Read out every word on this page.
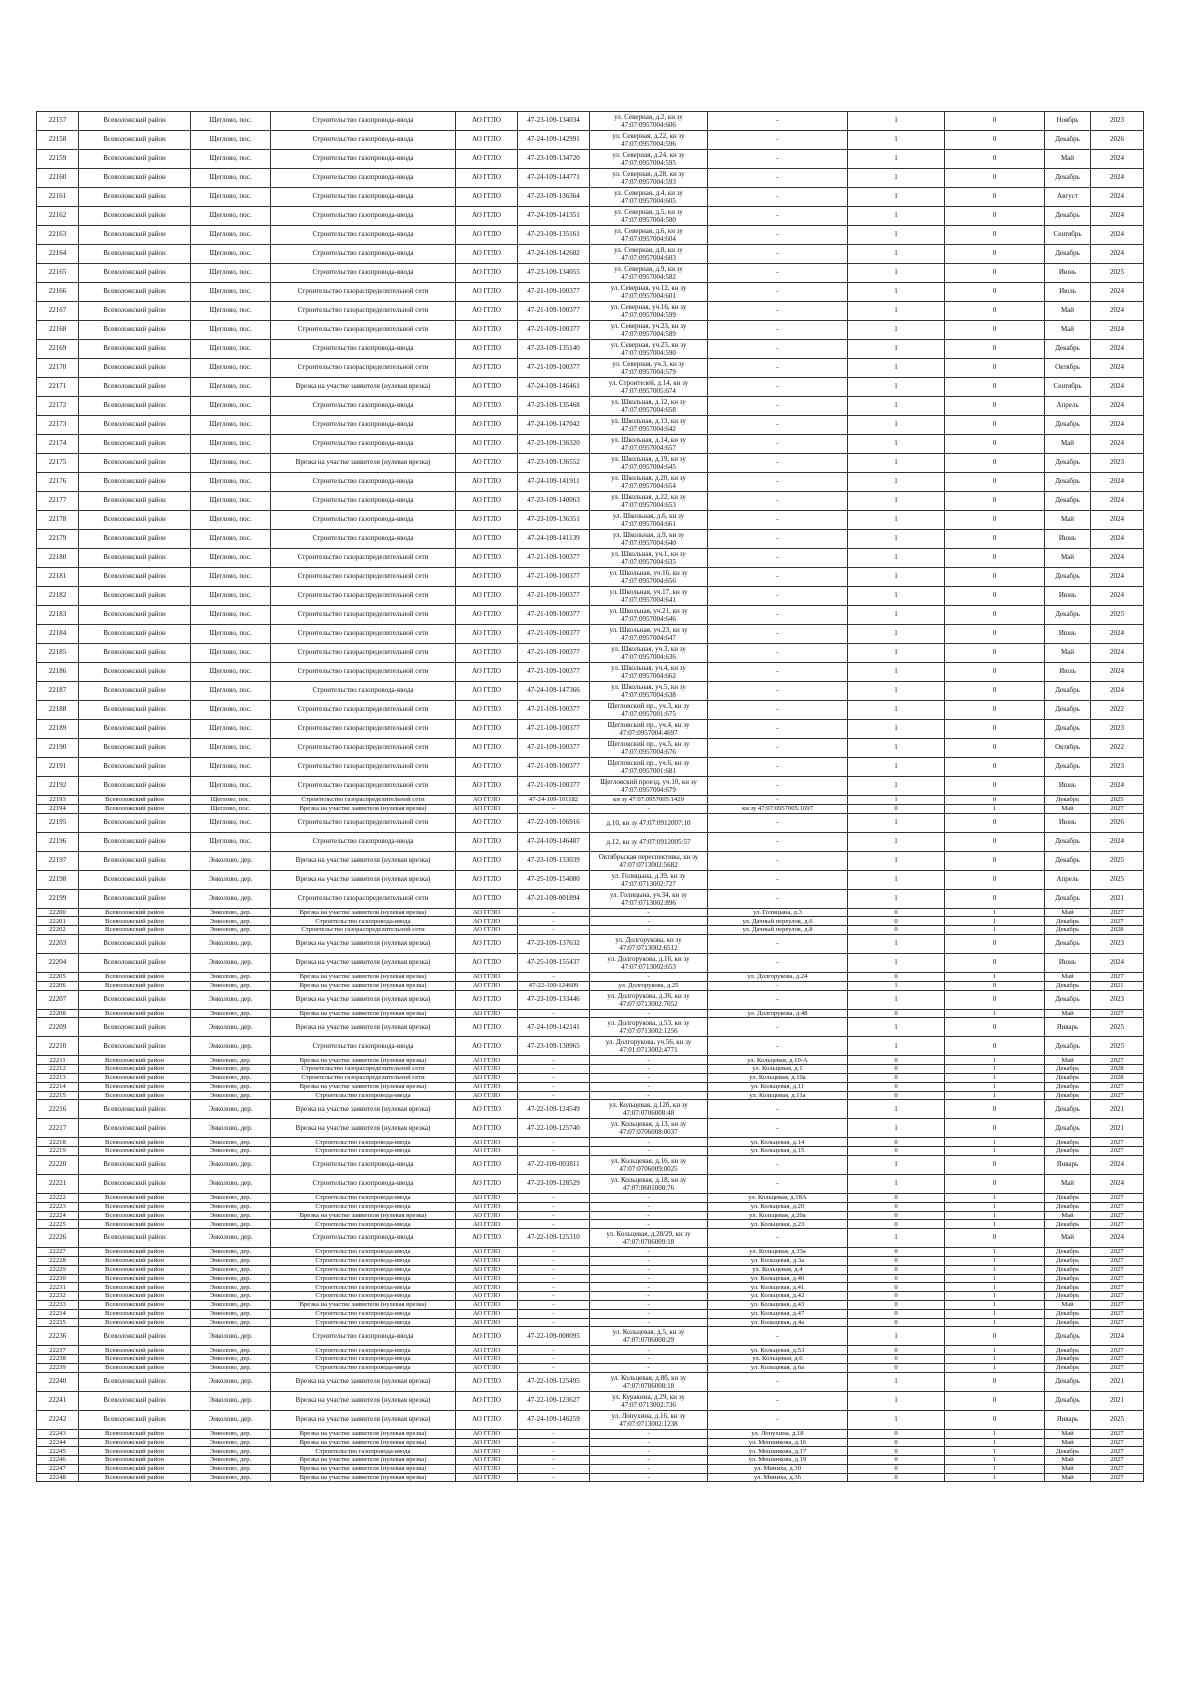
22157	Всеволожский район	Щеглово, пос.	Строительство газопровода-ввода	АО ГГЛО	47-23-109-134034	ул. Северная, д.2, кн зу 47:07:0957004:606	-	1	0	Ноябрь	2023
22158	Всеволожский район	Щеглово, пос.	Строительство газопровода-ввода	АО ГГЛО	47-24-109-142991	ул. Северная, д.22, кн зу 47:07:0957004:596	-	1	0	Декабрь	2026
22159	Всеволожский район	Щеглово, пос.	Строительство газопровода-ввода	АО ГГЛО	47-23-109-134720	ул. Северная, д.24, кн зу 47:07:0957004:595	-	1	0	Май	2024
22160	Всеволожский район	Щеглово, пос.	Строительство газопровода-ввода	АО ГГЛО	47-24-109-144771	ул. Северная, д.28, кн зу 47:07:0957004:593	-	1	0	Декабрь	2024
22161	Всеволожский район	Щеглово, пос.	Строительство газопровода-ввода	АО ГГЛО	47-23-109-136364	ул. Северная, д.4, кн зу 47:07:0957004:605	-	1	0	Август	2024
22162	Всеволожский район	Щеглово, пос.	Строительство газопровода-ввода	АО ГГЛО	47-24-109-141351	ул. Северная, д.5, кн зу 47:07:0957004:580	-	1	0	Декабрь	2024
22163	Всеволожский район	Щеглово, пос.	Строительство газопровода-ввода	АО ГГЛО	47-23-109-135161	ул. Северная, д.6, кн зу 47:07:0957004:604	-	1	0	Сентябрь	2024
22164	Всеволожский район	Щеглово, пос.	Строительство газопровода-ввода	АО ГГЛО	47-24-109-142602	ул. Северная, д.8, кн зу 47:07:0957004:603	-	1	0	Декабрь	2024
22165	Всеволожский район	Щеглово, пос.	Строительство газопровода-ввода	АО ГГЛО	47-23-109-134055	ул. Северная, д.9, кн зу 47:07:0957004:582	-	1	0	Июнь	2025
22166	Всеволожский район	Щеглово, пос.	Строительство газораспределительной сети	АО ГГЛО	47-21-109-100377	ул. Северная, уч.12, кн зу 47:07:0957004:601	-	1	0	Июль	2024
22167	Всеволожский район	Щеглово, пос.	Строительство газораспределительной сети	АО ГГЛО	47-21-109-100377	ул. Северная, уч.16, кн зу 47:07:0957004:599	-	1	0	Май	2024
22168	Всеволожский район	Щеглово, пос.	Строительство газораспределительной сети	АО ГГЛО	47-21-109-100377	ул. Северная, уч.23, кн зу 47:07:0957004:589	-	1	0	Май	2024
22169	Всеволожский район	Щеглово, пос.	Строительство газопровода-ввода	АО ГГЛО	47-23-109-135140	ул. Северная, уч.25, кн зу 47:07:0957004:590	-	1	0	Декабрь	2024
22170	Всеволожский район	Щеглово, пос.	Строительство газораспределительной сети	АО ГГЛО	47-21-109-100377	ул. Северная, уч.3, кн зу 47:07:0957004:579	-	1	0	Октябрь	2024
22171	Всеволожский район	Щеглово, пос.	Врезка на участке заявителя (нулевая врезка)	АО ГГЛО	47-24-109-146461	ул. Строителей, д.14, кн зу 47:07:0957005:674	-	1	0	Сентябрь	2024
22172	Всеволожский район	Щеглово, пос.	Строительство газопровода-ввода	АО ГГЛО	47-23-109-135468	ул. Школьная, д.12, кн зу 47:07:0957004:658	-	1	0	Апрель	2024
22173	Всеволожский район	Щеглово, пос.	Строительство газопровода-ввода	АО ГГЛО	47-24-109-147042	ул. Школьная, д.13, кн зу 47:07:0957004:642	-	1	0	Декабрь	2024
22174	Всеволожский район	Щеглово, пос.	Строительство газопровода-ввода	АО ГГЛО	47-23-109-136320	ул. Школьная, д.14, кн зу 47:07:0957004:657	-	1	0	Май	2024
22175	Всеволожский район	Щеглово, пос.	Врезка на участке заявителя (нулевая врезка)	АО ГГЛО	47-23-109-136552	ул. Школьная, д.19, кн зу 47:07:0957004:645	-	1	0	Декабрь	2023
22176	Всеволожский район	Щеглово, пос.	Строительство газопровода-ввода	АО ГГЛО	47-24-109-141911	ул. Школьная, д.20, кн зу 47:07:0957004:654	-	1	0	Декабрь	2024
22177	Всеволожский район	Щеглово, пос.	Строительство газопровода-ввода	АО ГГЛО	47-23-109-140063	ул. Школьная, д.22, кн зу 47:07:0957004:653	-	1	0	Декабрь	2024
22178	Всеволожский район	Щеглово, пос.	Строительство газопровода-ввода	АО ГГЛО	47-23-109-136351	ул. Школьная, д.6, кн зу 47:07:0957004:661	-	1	0	Май	2024
22179	Всеволожский район	Щеглово, пос.	Строительство газопровода-ввода	АО ГГЛО	47-24-109-141139	ул. Школьная, д.9, кн зу 47:07:0957004:640	-	1	0	Июнь	2024
22180	Всеволожский район	Щеглово, пос.	Строительство газораспределительной сети	АО ГГЛО	47-21-109-100377	ул. Школьная, уч.1, кн зу 47:07:0957004:635	-	1	0	Май	2024
22181	Всеволожский район	Щеглово, пос.	Строительство газораспределительной сети	АО ГГЛО	47-21-109-100377	ул. Школьная, уч.16, кн зу 47:07:0957004:656	-	1	0	Декабрь	2024
22182	Всеволожский район	Щеглово, пос.	Строительство газораспределительной сети	АО ГГЛО	47-21-109-100377	ул. Школьная, уч.17, кн зу 47:07:0957004:641	-	1	0	Июнь	2024
22183	Всеволожский район	Щеглово, пос.	Строительство газораспределительной сети	АО ГГЛО	47-21-109-100377	ул. Школьная, уч.21, кн зу 47:07:0957004:646	-	1	0	Декабрь	2025
22184	Всеволожский район	Щеглово, пос.	Строительство газораспределительной сети	АО ГГЛО	47-21-109-100377	ул. Школьная, уч.23, кн зу 47:07:0957004:647	-	1	0	Июнь	2024
22185	Всеволожский район	Щеглово, пос.	Строительство газораспределительной сети	АО ГГЛО	47-21-109-100377	ул. Школьная, уч.3, кн зу 47:07:0957004:636	-	1	0	Май	2024
22186	Всеволожский район	Щеглово, пос.	Строительство газораспределительной сети	АО ГГЛО	47-21-109-100377	ул. Школьная, уч.4, кн зу 47:07:0957004:662	-	1	0	Июль	2024
22187	Всеволожский район	Щеглово, пос.	Строительство газопровода-ввода	АО ГГЛО	47-24-109-147366	ул. Школьная, уч.5, кн зу 47:07:0957004:638	-	1	0	Декабрь	2024
22188	Всеволожский район	Щеглово, пос.	Строительство газораспределительной сети	АО ГГЛО	47-21-109-100377	Щегловский пр., уч.3, кн зу 47:07:0957001:675	-	1	0	Декабрь	2022
22189	Всеволожский район	Щеглово, пос.	Строительство газораспределительной сети	АО ГГЛО	47-21-109-100377	Щегловский пр., уч.4, кн зу 47:07:0957004:4697	-	1	0	Декабрь	2023
22190	Всеволожский район	Щеглово, пос.	Строительство газораспределительной сети	АО ГГЛО	47-21-109-100377	Щегловский пр., уч.5, кн зу 47:07:0957004:676	-	1	0	Октябрь	2022
22191	Всеволожский район	Щеглово, пос.	Строительство газораспределительной сети	АО ГГЛО	47-21-109-100377	Щегловский пр., уч.6, кн зу 47:07:0957001:681	-	1	0	Декабрь	2023
22192	Всеволожский район	Щеглово, пос.	Строительство газораспределительной сети	АО ГГЛО	47-21-109-100377	Щегловский проезд, уч.10, кн зу 47:07:0957004:679	-	1	0	Июнь	2024
22193	Всеволожский район	Щеглово, пос.	Строительство газораспределительной сети	АО ГГЛО	47-24-109-101182	кн зу 47:07:0957005:1429	-	1	0	Декабрь	2025
22194	Всеволожский район	Щеглово, пос.	Врезка на участке заявителя (нулевая врезка)	АО ГГЛО	-	-	кн зу 47:07:0957005:1697	0	1	Май	2027
22195	Всеволожский район	Щеглово, пос.	Строительство газораспределительной сети	АО ГГЛО	47-22-109-106916	д.10, кн зу 47:07:0912007:10	-	1	0	Июнь	2026
22196	Всеволожский район	Щеглово, пос.	Строительство газопровода-ввода	АО ГГЛО	47-24-109-146487	д.12, кн зу 47:07:0912005:57	-	1	0	Декабрь	2024
22197	Всеволожский район	Энколово, дер.	Врезка на участке заявителя (нулевая врезка)	АО ГГЛО	47-23-109-133039	Октябрьская переспективы, кн зу 47:07:0713002:5682	-	1	0	Декабрь	2025
22198	Всеволожский район	Энколово, дер.	Врезка на участке заявителя (нулевая врезка)	АО ГГЛО	47-25-109-154080	ул. Голицына, д.39, кн зу 47:07:0713002:727	-	1	0	Апрель	2025
22199	Всеволожский район	Энколово, дер.	Строительство газораспределительной сети	АО ГГЛО	47-21-109-001894	ул. Голицына, уч.34, кн зу 47:07:0713002:896	-	1	0	Декабрь	2021
22200	Всеволожский район	Энколово, дер.	Врезка на участке заявителя (нулевая врезка)	АО ГГЛО	-	-	ул. Голицына, д.3	0	1	Май	2027
22201	Всеволожский район	Энколово, дер.	Строительство газопровода-ввода	АО ГГЛО	-	-	ул. Дачный переулок, д.6	0	1	Декабрь	2027
22202	Всеволожский район	Энколово, дер.	Строительство газораспределительной сети	АО ГГЛО	-	-	ул. Дачный переулок, д.8	0	1	Декабрь	2028
22203	Всеволожский район	Энколово, дер.	Врезка на участке заявителя (нулевая врезка)	АО ГГЛО	47-23-109-137632	ул. Долгорукова, кн зу 47:07:0713002:6512	-	1	0	Декабрь	2023
22204	Всеволожский район	Энколово, дер.	Врезка на участке заявителя (нулевая врезка)	АО ГГЛО	47-25-109-155437	ул. Долгорукова, д.16, кн зу 47:07:0713002:653	-	1	0	Июнь	2024
22205	Всеволожский район	Энколово, дер.	Врезка на участке заявителя (нулевая врезка)	АО ГГЛО	-	-	ул. Долгорукова, д.24	0	1	Май	2027
22206	Всеволожский район	Энколово, дер.	Врезка на участке заявителя (нулевая врезка)	АО ГГЛО	47-22-109-124609	ул. Долгорукова, д.25	-	1	0	Декабрь	2021
22207	Всеволожский район	Энколово, дер.	Врезка на участке заявителя (нулевая врезка)	АО ГГЛО	47-23-109-133446	ул. Долгорукова, д.36, кн зу 47:07:0713002:7052	-	1	0	Декабрь	2023
22208	Всеволожский район	Энколово, дер.	Врезка на участке заявителя (нулевая врезка)	АО ГГЛО	-	-	ул. Долгорукова, д.48	0	1	Май	2027
22209	Всеволожский район	Энколово, дер.	Врезка на участке заявителя (нулевая врезка)	АО ГГЛО	47-24-109-142141	ул. Долгорукова, д.53, кн зу 47:07:0713002:1256	-	1	0	Январь	2025
22210	Всеволожский район	Энколово, дер.	Строительство газопровода-ввода	АО ГГЛО	47-23-109-130965	ул. Долгорукова, уч.56, кн зу 47:01:0713002:4771	-	1	0	Декабрь	2025
22211	Всеволожский район	Энколово, дер.	Врезка на участке заявителя (нулевая врезка)	АО ГГЛО	-	-	ул. Кольцевая, д.10-А	0	1	Май	2027
22212	Всеволожский район	Энколово, дер.	Строительство газораспределительной сети	АО ГГЛО	-	-	ул. Кольцевая, д.1	0	1	Декабрь	2028
22213	Всеволожский район	Энколово, дер.	Строительство газораспределительной сети	АО ГГЛО	-	-	ул. Кольцевая, д.10а	0	1	Декабрь	2028
22214	Всеволожский район	Энколово, дер.	Врезка на участке заявителя (нулевая врезка)	АО ГГЛО	-	-	ул. Кольцевая, д.11	0	1	Декабрь	2027
22215	Всеволожский район	Энколово, дер.	Строительство газопровода-ввода	АО ГГЛО	-	-	ул. Кольцевая, д.11а	0	1	Декабрь	2027
22216	Всеволожский район	Энколово, дер.	Врезка на участке заявителя (нулевая врезка)	АО ГГЛО	47-22-109-124549	ул. Кольцевая, д.12б, кн зу 47:07:0706008:48	-	1	0	Декабрь	2021
22217	Всеволожский район	Энколово, дер.	Врезка на участке заявителя (нулевая врезка)	АО ГГЛО	47-22-109-125740	ул. Кольцевая, д.13, кн зу 47:07:0706008:0037	-	1	0	Декабрь	2021
22218	Всеволожский район	Энколово, дер.	Строительство газопровода-ввода	АО ГГЛО	-	-	ул. Кольцевая, д.14	0	1	Декабрь	2027
22219	Всеволожский район	Энколово, дер.	Строительство газопровода-ввода	АО ГГЛО	-	-	ул. Кольцевая, д.15	0	1	Декабрь	2027
22220	Всеволожский район	Энколово, дер.	Строительство газопровода-ввода	АО ГГЛО	47-22-109-003811	ул. Кольцевая, д.16, кн зу 47:07:0706009:0025	-	1	0	Январь	2024
22221	Всеволожский район	Энколово, дер.	Строительство газопровода-ввода	АО ГГЛО	47-23-109-128529	ул. Кольцевая, д.18, кн зу 47:07:0601008:76	-	1	0	Май	2024
22222	Всеволожский район	Энколово, дер.	Строительство газопровода-ввода	АО ГГЛО	-	-	ул. Кольцевая, д.18А	0	1	Декабрь	2027
22223	Всеволожский район	Энколово, дер.	Строительство газопровода-ввода	АО ГГЛО	-	-	ул. Кольцевая, д.20	0	1	Декабрь	2027
22224	Всеволожский район	Энколово, дер.	Врезка на участке заявителя (нулевая врезка)	АО ГГЛО	-	-	ул. Кольцевая, д.20а	0	1	Май	2027
22225	Всеволожский район	Энколово, дер.	Строительство газопровода-ввода	АО ГГЛО	-	-	ул. Кольцевая, д.23	0	1	Декабрь	2027
22226	Всеволожский район	Энколово, дер.	Строительство газопровода-ввода	АО ГГЛО	47-22-109-125310	ул. Кольцевая, д.28/29, кн зу 47:07:0706009:18	-	1	0	Май	2024
22227	Всеволожский район	Энколово, дер.	Строительство газопровода-ввода	АО ГГЛО	-	-	ул. Кольцевая, д.33а	0	1	Декабрь	2027
22228	Всеволожский район	Энколово, дер.	Строительство газопровода-ввода	АО ГГЛО	-	-	ул. Кольцевая, д.3а	0	1	Декабрь	2027
22229	Всеволожский район	Энколово, дер.	Строительство газопровода-ввода	АО ГГЛО	-	-	ул. Кольцевая, д.4	0	1	Декабрь	2027
22230	Всеволожский район	Энколово, дер.	Строительство газопровода-ввода	АО ГГЛО	-	-	ул. Кольцевая, д.40	0	1	Декабрь	2027
22231	Всеволожский район	Энколово, дер.	Строительство газопровода-ввода	АО ГГЛО	-	-	ул. Кольцевая, д.41	0	1	Декабрь	2027
22232	Всеволожский район	Энколово, дер.	Строительство газопровода-ввода	АО ГГЛО	-	-	ул. Кольцевая, д.42	0	1	Декабрь	2027
22233	Всеволожский район	Энколово, дер.	Врезка на участке заявителя (нулевая врезка)	АО ГГЛО	-	-	ул. Кольцевая, д.43	0	1	Май	2027
22234	Всеволожский район	Энколово, дер.	Строительство газопровода-ввода	АО ГГЛО	-	-	ул. Кольцевая, д.47	0	1	Декабрь	2027
22235	Всеволожский район	Энколово, дер.	Строительство газопровода-ввода	АО ГГЛО	-	-	ул. Кольцевая, д.4а	0	1	Декабрь	2027
22236	Всеволожский район	Энколово, дер.	Строительство газопровода-ввода	АО ГГЛО	47-22-109-008095	ул. Кольцевая, д.5, кн зу 47:07:0706008:29	-	1	0	Декабрь	2024
22237	Всеволожский район	Энколово, дер.	Строительство газопровода-ввода	АО ГГЛО	-	-	ул. Кольцевая, д.53	0	1	Декабрь	2027
22238	Всеволожский район	Энколово, дер.	Строительство газопровода-ввода	АО ГГЛО	-	-	ул. Кольцевая, д.6	0	1	Декабрь	2027
22239	Всеволожский район	Энколово, дер.	Строительство газопровода-ввода	АО ГГЛО	-	-	ул. Кольцевая, д.6а	0	1	Декабрь	2027
22240	Всеволожский район	Энколово, дер.	Врезка на участке заявителя (нулевая врезка)	АО ГГЛО	47-22-109-125495	ул. Кольцевая, д.8б, кн зу 47:07:0706008:18	-	1	0	Декабрь	2021
22241	Всеволожский район	Энколово, дер.	Врезка на участке заявителя (нулевая врезка)	АО ГГЛО	47-22-109-123627	ул. Куракина, д.29, кн зу 47:07:0713002:736	-	1	0	Декабрь	2021
22242	Всеволожский район	Энколово, дер.	Врезка на участке заявителя (нулевая врезка)	АО ГГЛО	47-24-109-146259	ул. Лопухина, д.16, кн зу 47:07:0713002:1238	-	1	0	Январь	2025
22243	Всеволожский район	Энколово, дер.	Врезка на участке заявителя (нулевая врезка)	АО ГГЛО	-	-	ул. Лопухина, д.18	0	1	Май	2027
22244	Всеволожский район	Энколово, дер.	Врезка на участке заявителя (нулевая врезка)	АО ГГЛО	-	-	ул. Меншикова, д.16	0	1	Май	2027
22245	Всеволожский район	Энколово, дер.	Строительство газопровода-ввода	АО ГГЛО	-	-	ул. Меншикова, д.17	0	1	Декабрь	2027
22246	Всеволожский район	Энколово, дер.	Врезка на участке заявителя (нулевая врезка)	АО ГГЛО	-	-	ул. Меншикова, д.19	0	1	Май	2027
22247	Всеволожский район	Энколово, дер.	Врезка на участке заявителя (нулевая врезка)	АО ГГЛО	-	-	ул. Миниха, д.30	0	1	Май	2027
22248	Всеволожский район	Энколово, дер.	Врезка на участке заявителя (нулевая врезка)	АО ГГЛО	-	-	ул. Миниха, д.36	0	1	Май	2027
